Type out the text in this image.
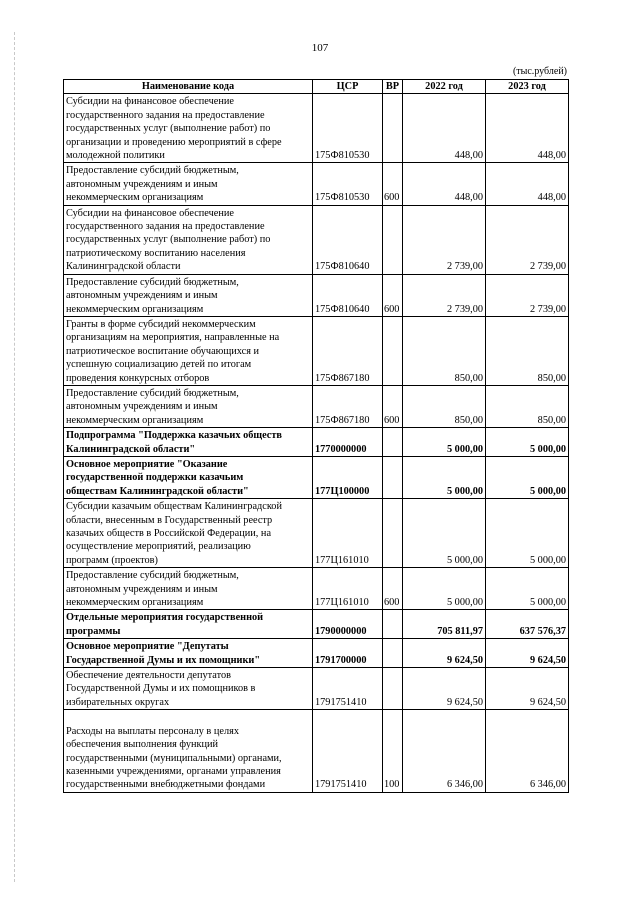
107
(тыс.рублей)
Наименование кода	ЦСР	ВР	2022 год	2023 год
Субсидии на финансовое обеспечение
государственного задания на предоставление
государственных услуг (выполнение работ) по
организации и проведению мероприятий в сфере
молодежной политики	175Ф810530		448,00	448,00
Предоставление субсидий бюджетным,
автономным учреждениям и иным
некоммерческим организациям	175Ф810530	600	448,00	448,00
Субсидии на финансовое обеспечение
государственного задания на предоставление
государственных услуг (выполнение работ) по
патриотическому воспитанию населения
Калининградской области	175Ф810640		2 739,00	2 739,00
Предоставление субсидий бюджетным,
автономным учреждениям и иным
некоммерческим организациям	175Ф810640	600	2 739,00	2 739,00
Гранты в форме субсидий некоммерческим
организациям на мероприятия, направленные на
патриотическое воспитание обучающихся и
успешную социализацию детей по итогам
проведения конкурсных отборов	175Ф867180		850,00	850,00
Предоставление субсидий бюджетным,
автономным учреждениям и иным
некоммерческим организациям	175Ф867180	600	850,00	850,00
Подпрограмма "Поддержка казачьих обществ
Калининградской области"	1770000000		5 000,00	5 000,00
Основное мероприятие "Оказание
государственной поддержки казачьим
обществам Калининградской области"	177Ц100000		5 000,00	5 000,00
Субсидии казачьим обществам Калининградской
области, внесенным в Государственный реестр
казачьих обществ в Российской Федерации, на
осуществление мероприятий, реализацию
программ (проектов)	177Ц161010		5 000,00	5 000,00
Предоставление субсидий бюджетным,
автономным учреждениям и иным
некоммерческим организациям	177Ц161010	600	5 000,00	5 000,00
Отдельные мероприятия государственной
программы	1790000000		705 811,97	637 576,37
Основное мероприятие "Депутаты
Государственной Думы и их помощники"	1791700000		9 624,50	9 624,50
Обеспечение деятельности депутатов
Государственной Думы и их помощников в
избирательных округах	1791751410		9 624,50	9 624,50

Расходы на выплаты персоналу в целях
обеспечения выполнения функций
государственными (муниципальными) органами,
казенными учреждениями, органами управления
государственными внебюджетными фондами	1791751410	100	6 346,00	6 346,00
